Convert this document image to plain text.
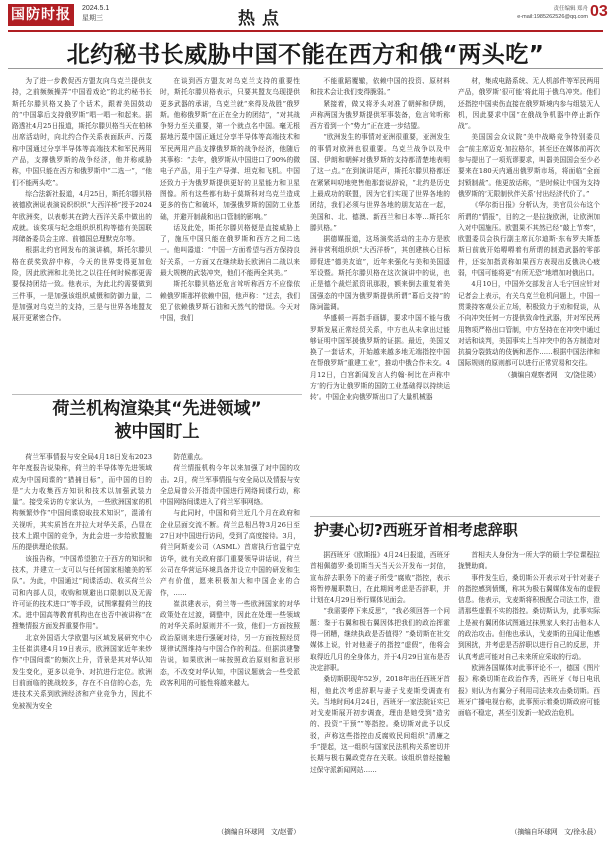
国防时报	2024.5.1
星期三	热点	责任编辑 郑舟
e-mail:1985262526@qq.com 03
北约秘书长威胁中国不能在西方和俄“两头吃”

为了进一步教促西方盟友向乌克兰提供支持，之前频频操弄“中国看戏论”的北约秘书长斯托尔滕贝格又换了个话术，跟着美国鼓动的“中国靠后支持俄罗斯”唱一唱一和起来。据路透社4月25日报道，斯托尔滕贝格当天在柏林出席活动时，向北约合作关系表面跃声、污蔑称中国通过分享半导体等高端技术和军民两用产品，支撑俄罗斯的战争经济，他并称威胁称，中国只能在西方和俄罗斯中“二选一”，“他们不能两头吃”。

综合法新社报道，4月25日，斯托尔滕贝格被德欧洲说表演说织织织“大西洋桥”授予2024年欧洲奖，以表彰其在跨大西洋关系中做出的成就。该奖项与纪念组织织机构等德有美国联邦储备委员会主席、前德国总理默克尔等。

根据北约官网发布的演讲稿，斯托尔滕贝格在获奖致辞中称，今天的世界变得更加危险，因此欧洲和北美比之以往任何时候都更需要保持团结一致。他表示，为此北约需要做到三件事，一是加强该组织威慑和防御力量，二是加强对乌克兰的支持，三是与世界各地盟友展开更紧密合作。

在谈到西方盟友对乌克兰支持的重要性时，斯托尔滕贝格表示，只要其盟友乌现提供更多武器的承诺，乌克兰就“来得及战胜”俄罗斯。他称俄罗斯“在正在全力的团结”，“对其战争努力至关重要，第一个就点名中国。毫无根据地污蔑中国正通过分享半导体等高端技术和军民两用产品支撑俄罗斯的战争经济，他随后其事称：“去年，俄罗斯从中国进口了90%的微电子产品，用于生产导弹、坦克和飞机。中国还致力于为俄罗斯提供更好的卫星能力和卫星图像。所有这些都有助于莫斯科对乌克兰造成更多的伤亡和破坏，加强俄罗斯的国防工业基础，并避开制裁和出口管制的影响。”

话及此处，斯托尔滕贝格便是直接威胁上了，施压中国只能在俄罗斯和西方之间二选一。他叫嚣道：“中国一方面希望与西方保持良好关系，一方面又在继续助长欧洲自二战以来最大规模的武装冲突，他们不能两全其美。”

斯托尔滕贝格还危言耸听称西方不应像依赖俄罗斯那样依赖中国，他声称：“过去，我们犯了依赖俄罗斯石油和天然气的错误。今天对中国，我们

不能重蹈覆辙，依赖中国的投资、原材料和技术会让我们变得脆弱。”

紧接着，做又将矛头对准了朝鲜和伊朗，声称两国为俄罗斯提供军事装备，危言耸听称西方看到一个“势力”正在进一步结盟。

“欧洲发生的事情对亚洲很重要，亚洲发生的事情对欧洲也很重要。乌克兰战争以及中国、伊朗和朝鲜对俄罗斯的支持都清楚地表明了这一点。”在到演讲尾声，斯托尔滕贝格都还在紧紧叫叨地兜售他那套说辞说，“北约是历史上最成功的联盟，因为它们实现了世界各地的团结，我们必须与世界各地的朋友站在一起，美国和、北、德澳、新西兰和日本等…斯托尔滕贝格。”

据德媒报道，这场演奖活动的主办方是欧洲非营利组织织“大西洋桥”，其创建核心目标即促进“德美友谊”，近年来强化与美和美国遥军设暨。斯托尔滕贝格在这次演讲中的说，也正是德个裁烂派资讯那股，额来倒去重复着美国强态的中国为俄罗斯提供所谓“幕后支持”的陈词滥调。

华盛顿一再指手画脚，要求中国不能与俄罗斯发展正常经贸关系，中方也从未拿出过能够证明中国军援俄罗斯的证据。最近，美国又换了一套话术，开始越来越多地无端指控中国在帮俄罗斯“重建工业”，推动中俄合作未交。4月12日，白宫新闻发言人约翰·柯比在声称中方‘的行为让俄罗斯的国防工业基础得以持续运转’。中国企业向俄罗斯出口了大量机械器

材，集成电路系统、无人机部件等军民两用产品，俄罗斯‘很可能’将此用于俄乌冲突。他们还指控中国卖伤直接在俄罗斯境内参与组装无人机，因此要求中国“在俄战争机器中停止新作战”。

美国国会众议院“美中战略竞争特别委员会”前主席迈克·加拉格尔，甚至还在媒体前再次参与提出了一项荒谬要求，叫嚣美国国会至少必要来在180天内通出俄罗斯市场，将面临“全面封锁制裁”。他更放话称，“是时候让中国为支持俄罗斯的‘无限制伙伴关系’付出经济代价了。”

《华尔街日报》分析认为，美官员公布这个所谓的“情报”，目的之一是拉拢欧洲，让欧洲加入对中国施压。欧盟果不其然已经“敲上节奏”，欧盟委员会执行副主席瓦尔迪斯·东布罗夫斯基斯日前就开始嘚嘚着有所谓的制造武器的零部件，还妄加指责称如果西方表现出反俄决心疲弱，中国可能将更“有所无恐”地增加对俄出口。

4月10日，中国外交部发言人毛宁回应针对记者会上表示，有关乌克兰危机问题上，中国一贯秉持客观公正立场，积极致力于劝和促谈，从不向冲突任何一方提供致命性武器，并对军民两用物项严格出口管制，中方坚持在在冲突中通过对话和谈判，美国事实上当冲突中的各方制造对抗搞分裂鼓动的伎俩和恶作……根据中国法律和国际规则的原则都可以进行正常贸易和交往。

（摘编自观察者网　文/饶佳瑛）

荷兰机构渲染其“先进领域”
被中国盯上

荷兰军事情报与安全局4月18日发布2023年年度报告说染称，荷兰的半导体等先进领域成为中国间谍的“猎捕目标”，而中国的目的是“大力收集西方知识和技术以加强武装力量”。接受采访的专家认为，一些欧洲国家的机构频繁炒作“中国间谍窃取技术知识”，混淆有关视听，其实质旨在并拉大对华关系，凸显在技术上跟中国的竞争，为此会进一步给欧盟施压的提供理论依据。

该报告称，“中国希望独立于西方的知识和技术，并建立一支可以与任何国家相媲美的军队”。为此，中国通过“间谍活动、收买荷兰公司和内部人员，收购和规避出口限制以及无需许可证的技术进口”等手段，试图掌握荷兰的技术。进中国高等教育机构也在也否中被讲称“在搜集情报方面发挥重要作用”。

北京外国语大学欧盟与区域发展研究中心主任崔洪建4月19日表示，欧洲国家近年来炒作“中国间谍”的频次上升，背景是其对华认知发生变化，更多以竞争、对抗进行定位。欧洲目前面临的挑战较多，存在不自信的心态，先进技术关系到欧洲经济和产业竞争力，因此不免被视为安全

防范重点。

荷兰情报机构今年以来加强了对中国的攻击。2月，荷兰军事情报与安全局以及情报与安全总局曾公开指责中国进行网络间谍行动，称中国网络间谍进入了荷兰军事网络。

与此同时，中国和荷兰近几个月在政府和企业层面交流不断。荷兰总相吕特3月26日至27日对中国进行访问，受到了高度接待。3月，荷兰阿斯麦公司（ASML）首席执行官温宁克访华，就有关政府部门重要领导讲话说，荷兰公司在华营运环境具备并设立中国的研发和生产有价值，愿来积极加大和中国企业的合作，……

崔洪建表示，荷兰等一些欧洲国家的对华政策处在过渡，调整中，因此在处理一些领域的对华关系时原则并不一致，他们一方面按照政治原则来进行强硬对待，另一方面按照经贸规律试图维持与中国合作的利益。但据洪建警告说，如果欧洲一味按照政治原则和意识形态，不改变对华认知，中国议题就会一些受派政客利用的可能性将越来越大。

（摘编自环球网　文/赵蕾）
护妻心切?西班牙首相考虑辞职

据西班牙《欧斯报》4月24日报道，西班牙首相佩德罗·桑切斯当天当天公开发布一封信，宣布辞去职务下的妻子所受“腐败”指控，表示将暂停履职数日，在此期间考虑是否辞职，并计划在4月29日举行媒体见面会。

“我需要停下来反思”，“我必须回答一个问题：鉴于右翼和极右翼因体把我们的政治挥霍得一团糟，继续执政是否值得？”桑切斯在社交媒体上说，针对他妻子的指控“虚假”，他将会取得近几月的全身体力，并于4月29日宣布是否决定辞职。

桑切斯职现年52岁，2018年出任西班牙首相，他此次考虑辞职与妻子戈麦斯受调查有关。当地时间4月24日，西班牙一家法院证实已对戈麦斯展开初步调查，理由是她受到“造劣的、投资“干预””等指控。桑切斯对此予以反驳，声称这些指控由反腐败民间组织“清廉之手”提起，这一组织与国家民法机构关系密切并长期与极右翼政党存在关联。该组织曾经接触过保守派新闻网站……

首相夫人身份为一所大学的硕士学位课程拉拢赞助商。

事件发生后，桑切斯公开表示对于针对妻子的指控感到愤慨，称其为极右翼媒体发布的虚假信息。他表示，戈麦斯将积极配合司法工作，澄清那些虚假不实的指控。桑切斯认为，此事实际上是被有翼团体试图通过抹黑家人来打击他本人的政治攻击。但他也承认，戈麦斯的丑闻让他感到困扰，并考虑是否辞职以进行自己的反思，并认真考虑可能对自己未来所应采取的行动。

欧洲各国媒体对此事评论不一，德国《图片报》称桑切斯在政治作秀，西班牙《每日电讯报》则认为有翼分子利用司法来攻击桑切斯。西班牙广播电视台称，此事预示着桑切斯政府可能面临不稳定，甚至引发新一轮政治危机。

（摘编自环球网　文/徐永晨）
